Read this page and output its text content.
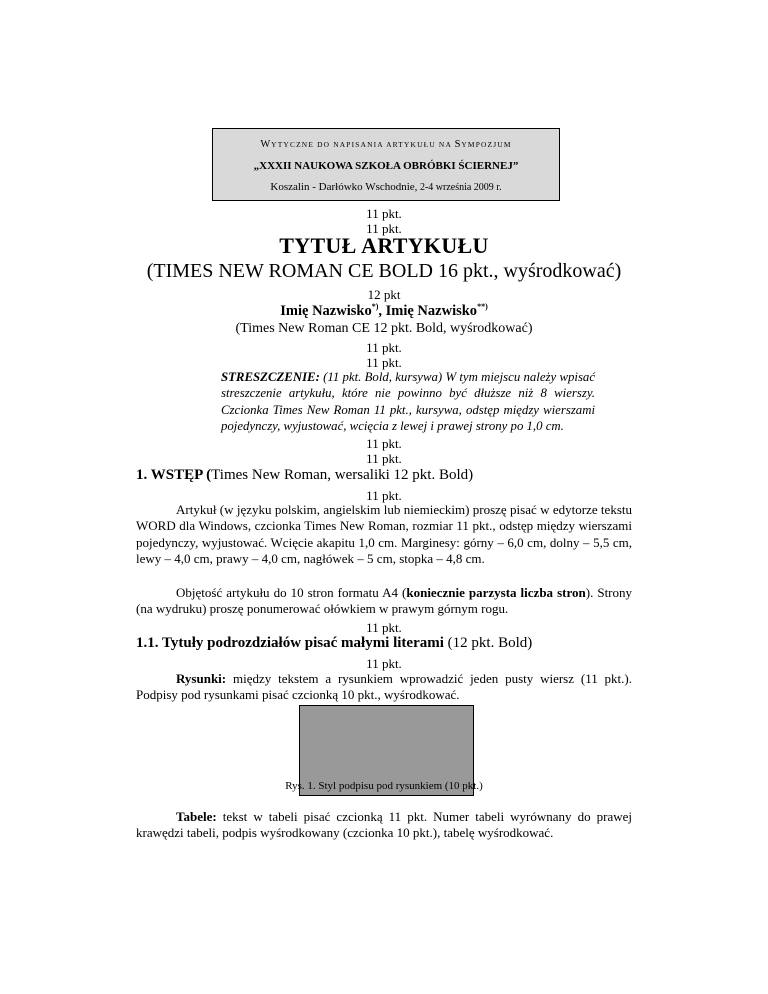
WYTYCZNE DO NAPISANIA ARTYKUŁU NA SYMPOZJUM
„XXXII NAUKOWA SZKOŁA OBRÓBKI ŚCIERNEJ”
Koszalin - Darłówko Wschodnie, 2-4 września 2009 r.
11 pkt.
11 pkt.
TYTUŁ ARTYKUŁU
(TIMES NEW ROMAN CE BOLD 16 pkt., wyśrodkować)
12 pkt
Imię Nazwisko*), Imię Nazwisko**)
(Times New Roman CE 12 pkt. Bold, wyśrodkować)
11 pkt.
11 pkt.
STRESZCZENIE: (11 pkt. Bold, kursywa) W tym miejscu należy wpisać streszczenie artykułu, które nie powinno być dłuższe niż 8 wierszy. Czcionka Times New Roman 11 pkt., kursywa, odstęp między wierszami pojedynczy, wyjustować, wcięcia z lewej i prawej strony po 1,0 cm.
11 pkt.
11 pkt.
1. WSTĘP (Times New Roman, wersaliki 12 pkt. Bold)
11 pkt.
Artykuł (w języku polskim, angielskim lub niemieckim) proszę pisać w edytorze tekstu WORD dla Windows, czcionka Times New Roman, rozmiar 11 pkt., odstęp między wierszami pojedynczy, wyjustować. Wcięcie akapitu 1,0 cm. Marginesy: górny – 6,0 cm, dolny – 5,5 cm, lewy – 4,0 cm, prawy – 4,0 cm, nagłówek – 5 cm, stopka – 4,8 cm.
Objętość artykułu do 10 stron formatu A4 (koniecznie parzysta liczba stron). Strony (na wydruku) proszę ponumerować ołówkiem w prawym górnym rogu.
11 pkt.
1.1. Tytuły podrozdziałów pisać małymi literami (12 pkt. Bold)
11 pkt.
Rysunki: między tekstem a rysunkiem wprowadzić jeden pusty wiersz (11 pkt.). Podpisy pod rysunkami pisać czcionką 10 pkt., wyśrodkować.
Rys. 1. Styl podpisu pod rysunkiem (10 pkt.)
Tabele: tekst w tabeli pisać czcionką 11 pkt. Numer tabeli wyrównany do prawej krawędzi tabeli, podpis wyśrodkowany (czcionka 10 pkt.), tabelę wyśrodkować.
